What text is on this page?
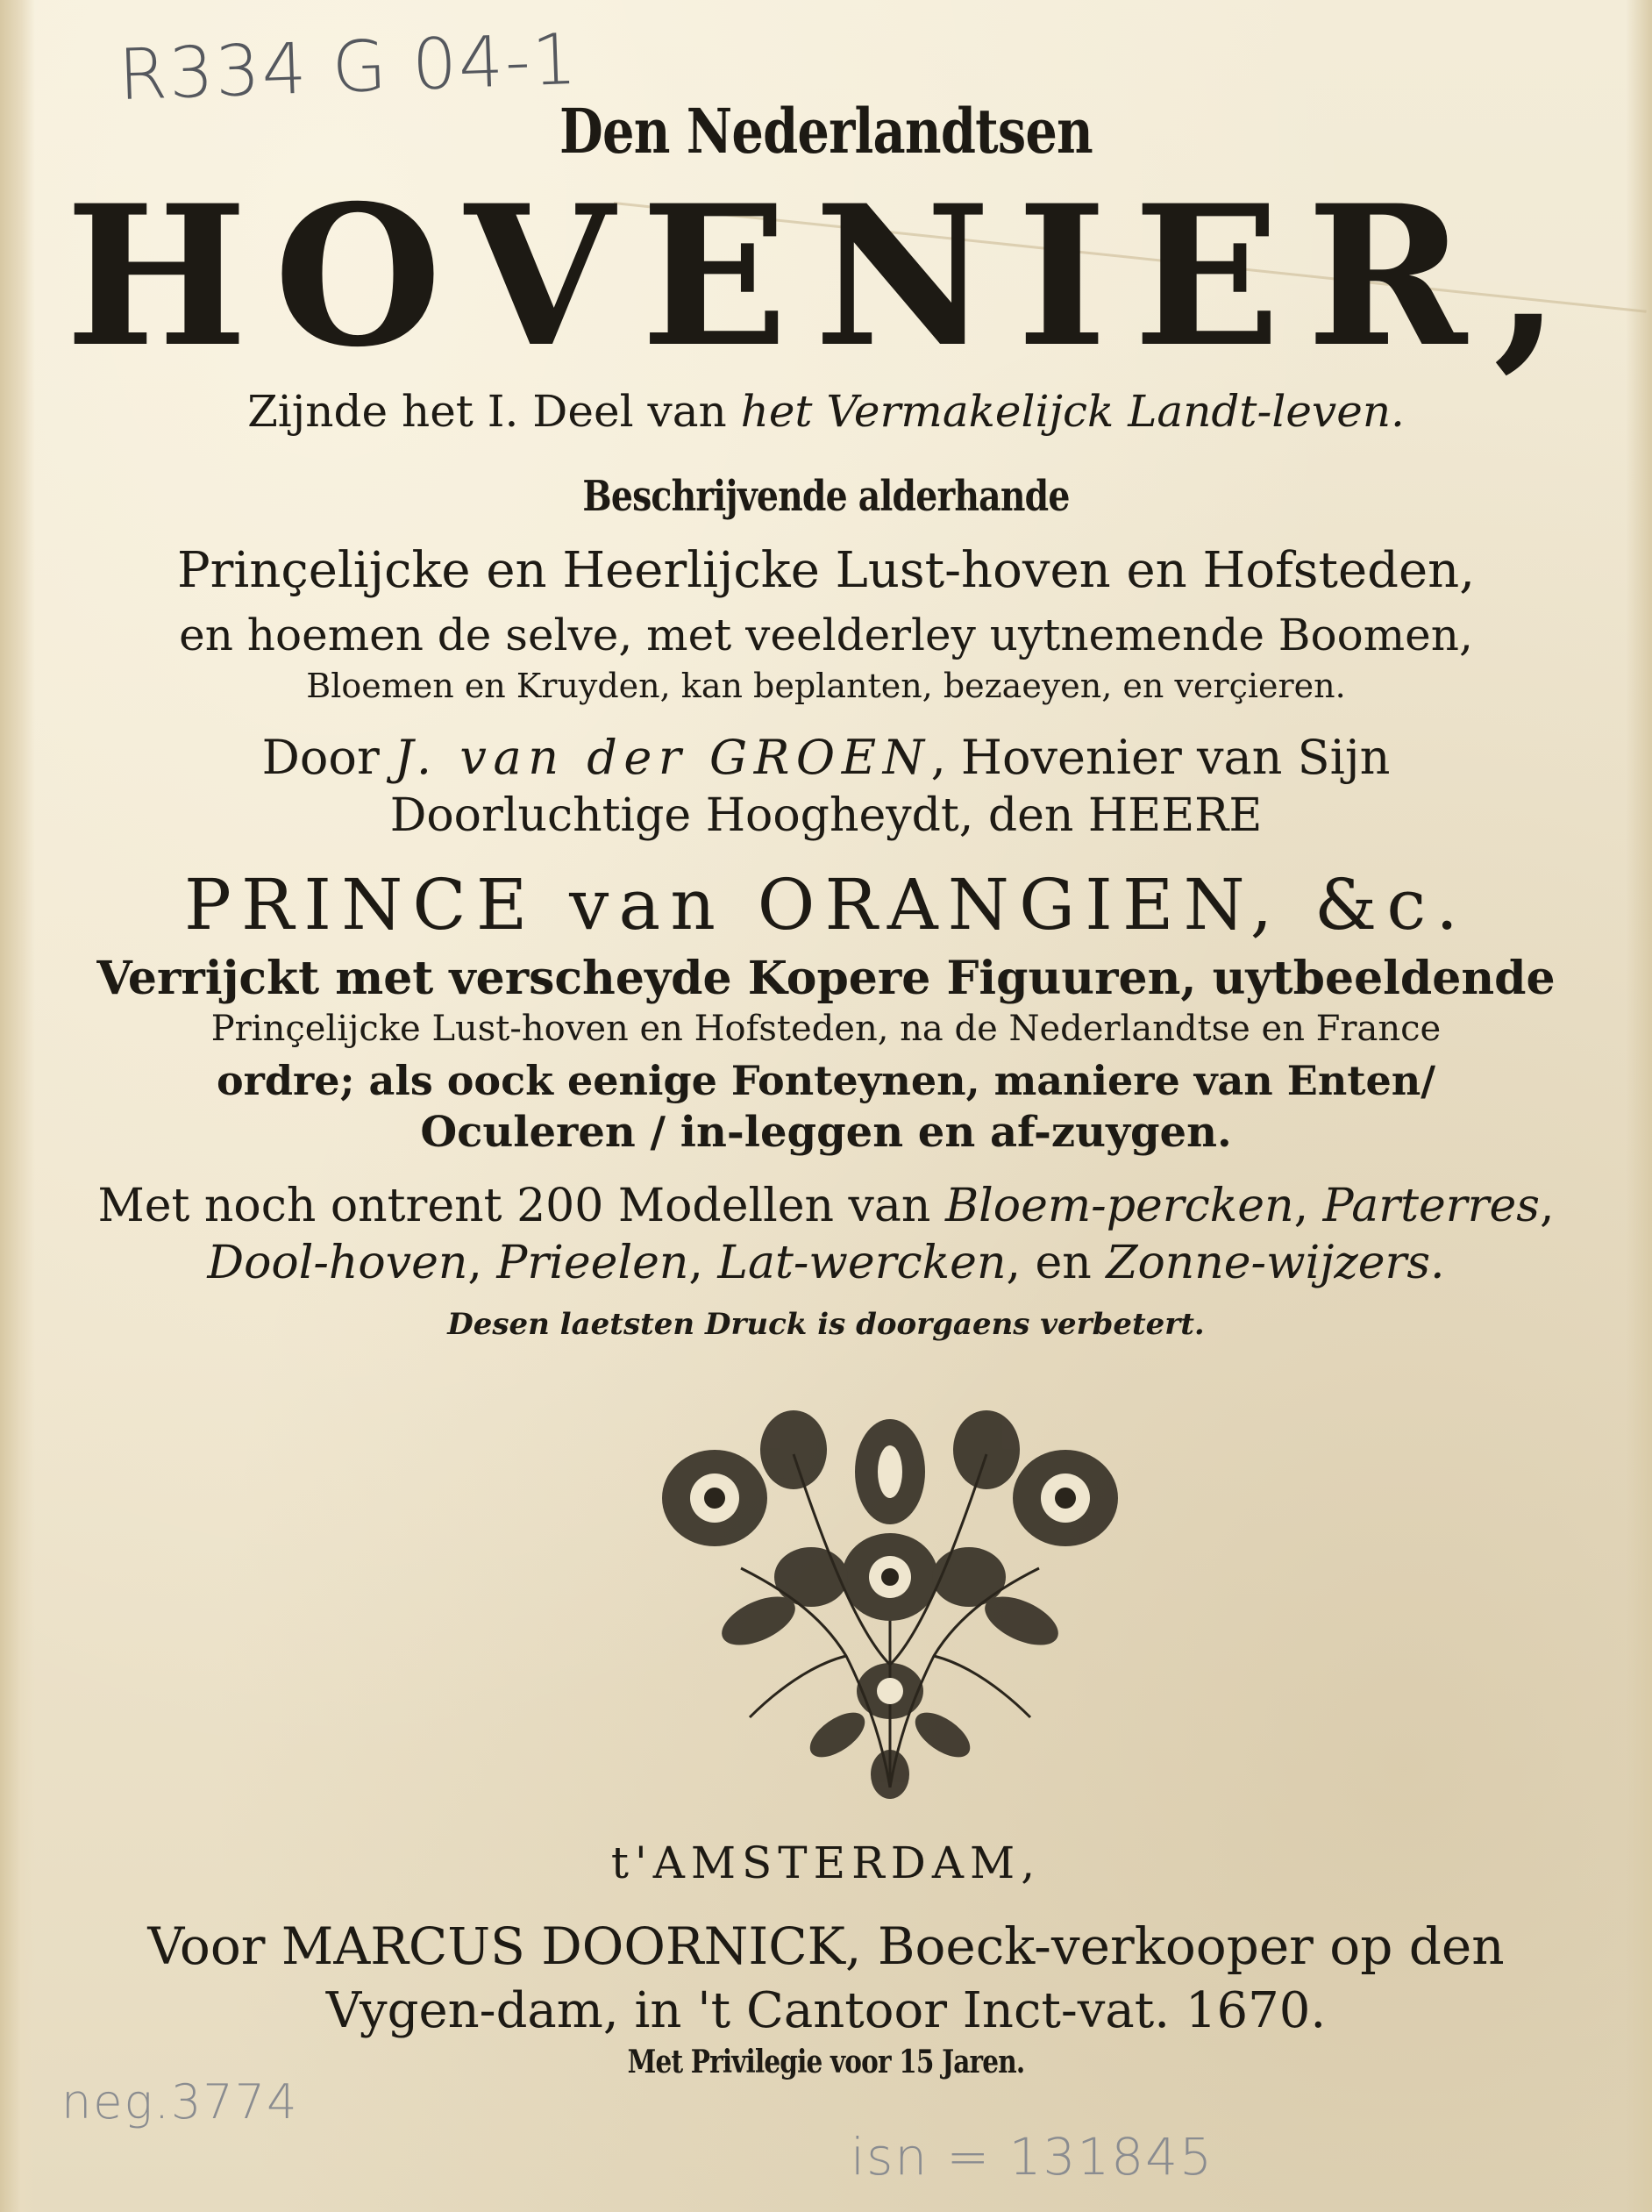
R334 G 04-1
Den Nederlandtsen
HOVENIER,
Zijnde het I. Deel van het Vermakelijck Landt-leven.
Beschrijvende alderhande
Prinçelijcke en Heerlijcke Lust-hoven en Hofsteden,
en hoemen de selve, met veelderley uytnemende Boomen,
Bloemen en Kruyden, kan beplanten, bezaeyen, en verçieren.
Door J. van der GROEN, Hovenier van Sijn
Doorluchtige Hoogheydt, den HEERE
PRINCE van ORANGIEN, &c.
Verrijckt met verscheyde Kopere Figuuren, uytbeeldende
Prinçelijcke Lust-hoven en Hofsteden, na de Nederlandtse en France
ordre; als oock eenige Fonteynen, maniere van Enten/
Oculeren / in-leggen en af-zuygen.
Met noch ontrent 200 Modellen van Bloem-percken, Parterres,
Dool-hoven, Prieelen, Lat-wercken, en Zonne-wijzers.
Desen laetsten Druck is doorgaens verbetert.
t'AMSTERDAM,
Voor MARCUS DOORNICK, Boeck-verkooper op den
Vygen-dam, in 't Cantoor Inct-vat. 1670.
Met Privilegie voor 15 Jaren.
neg.3774
isn = 131845
